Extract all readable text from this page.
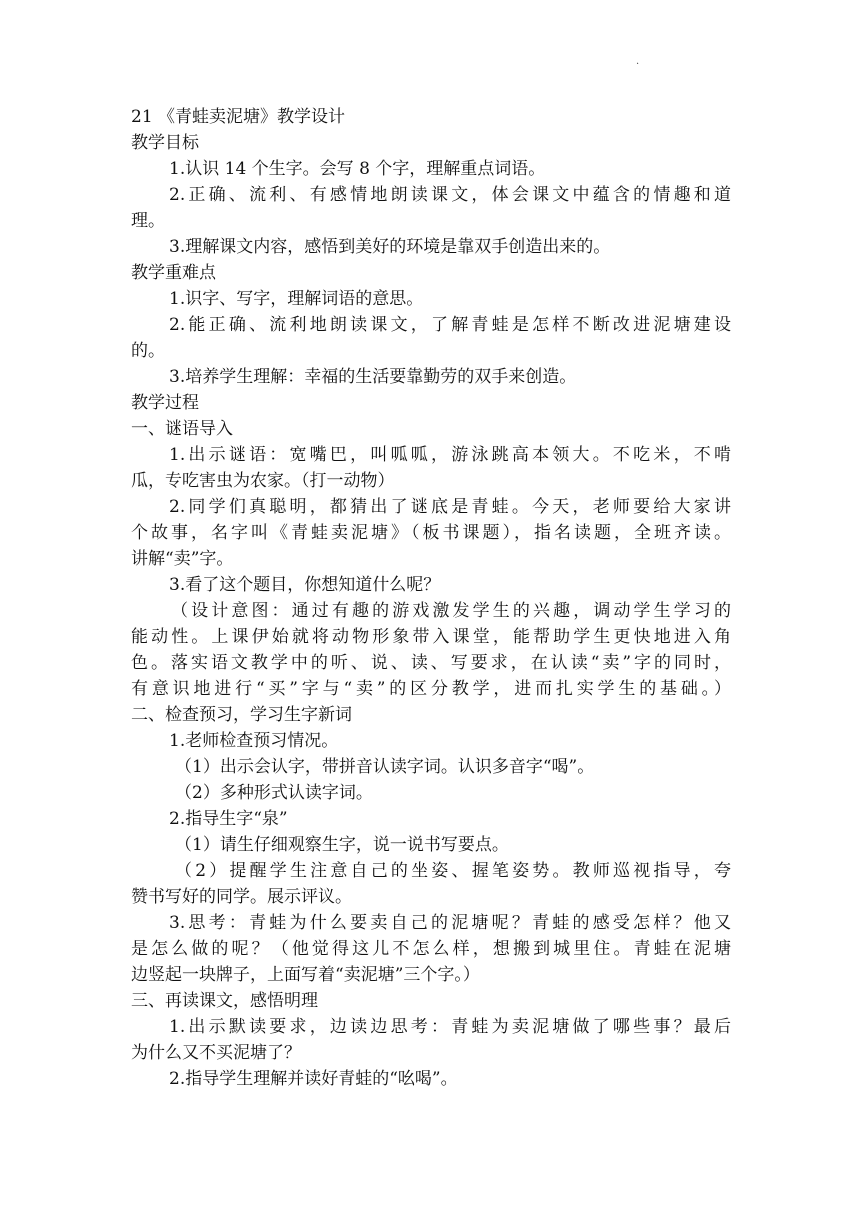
·
21 《青蛙卖泥塘》教学设计
教学目标
1.认识 14 个生字。会写 8 个字，理解重点词语。
2.正确、流利、有感情地朗读课文，体会课文中蕴含的情趣和道
理。
3.理解课文内容，感悟到美好的环境是靠双手创造出来的。
教学重难点
1.识字、写字，理解词语的意思。
2.能正确、流利地朗读课文，了解青蛙是怎样不断改进泥塘建设
的。
3.培养学生理解：幸福的生活要靠勤劳的双手来创造。
教学过程
一、谜语导入
1.出示谜语：宽嘴巴，叫呱呱，游泳跳高本领大。不吃米，不啃
瓜，专吃害虫为农家。（打一动物）
2.同学们真聪明，都猜出了谜底是青蛙。今天，老师要给大家讲
个故事，名字叫《青蛙卖泥塘》（板书课题），指名读题，全班齐读。
讲解“卖”字。
3.看了这个题目，你想知道什么呢？
（设计意图：通过有趣的游戏激发学生的兴趣，调动学生学习的
能动性。上课伊始就将动物形象带入课堂，能帮助学生更快地进入角
色。落实语文教学中的听、说、读、写要求，在认读“卖”字的同时，
有意识地进行“买”字与“卖”的区分教学，进而扎实学生的基础。）
二、检查预习，学习生字新词
1.老师检查预习情况。
（1）出示会认字，带拼音认读字词。认识多音字“喝”。
（2）多种形式认读字词。
2.指导生字“泉”
（1）请生仔细观察生字，说一说书写要点。
（2）提醒学生注意自己的坐姿、握笔姿势。教师巡视指导，夸
赞书写好的同学。展示评议。
3.思考：青蛙为什么要卖自己的泥塘呢？青蛙的感受怎样？他又
是怎么做的呢？（他觉得这儿不怎么样，想搬到城里住。青蛙在泥塘
边竖起一块牌子，上面写着“卖泥塘”三个字。）
三、再读课文，感悟明理
1.出示默读要求，边读边思考：青蛙为卖泥塘做了哪些事？最后
为什么又不买泥塘了？
2.指导学生理解并读好青蛙的“吆喝”。
